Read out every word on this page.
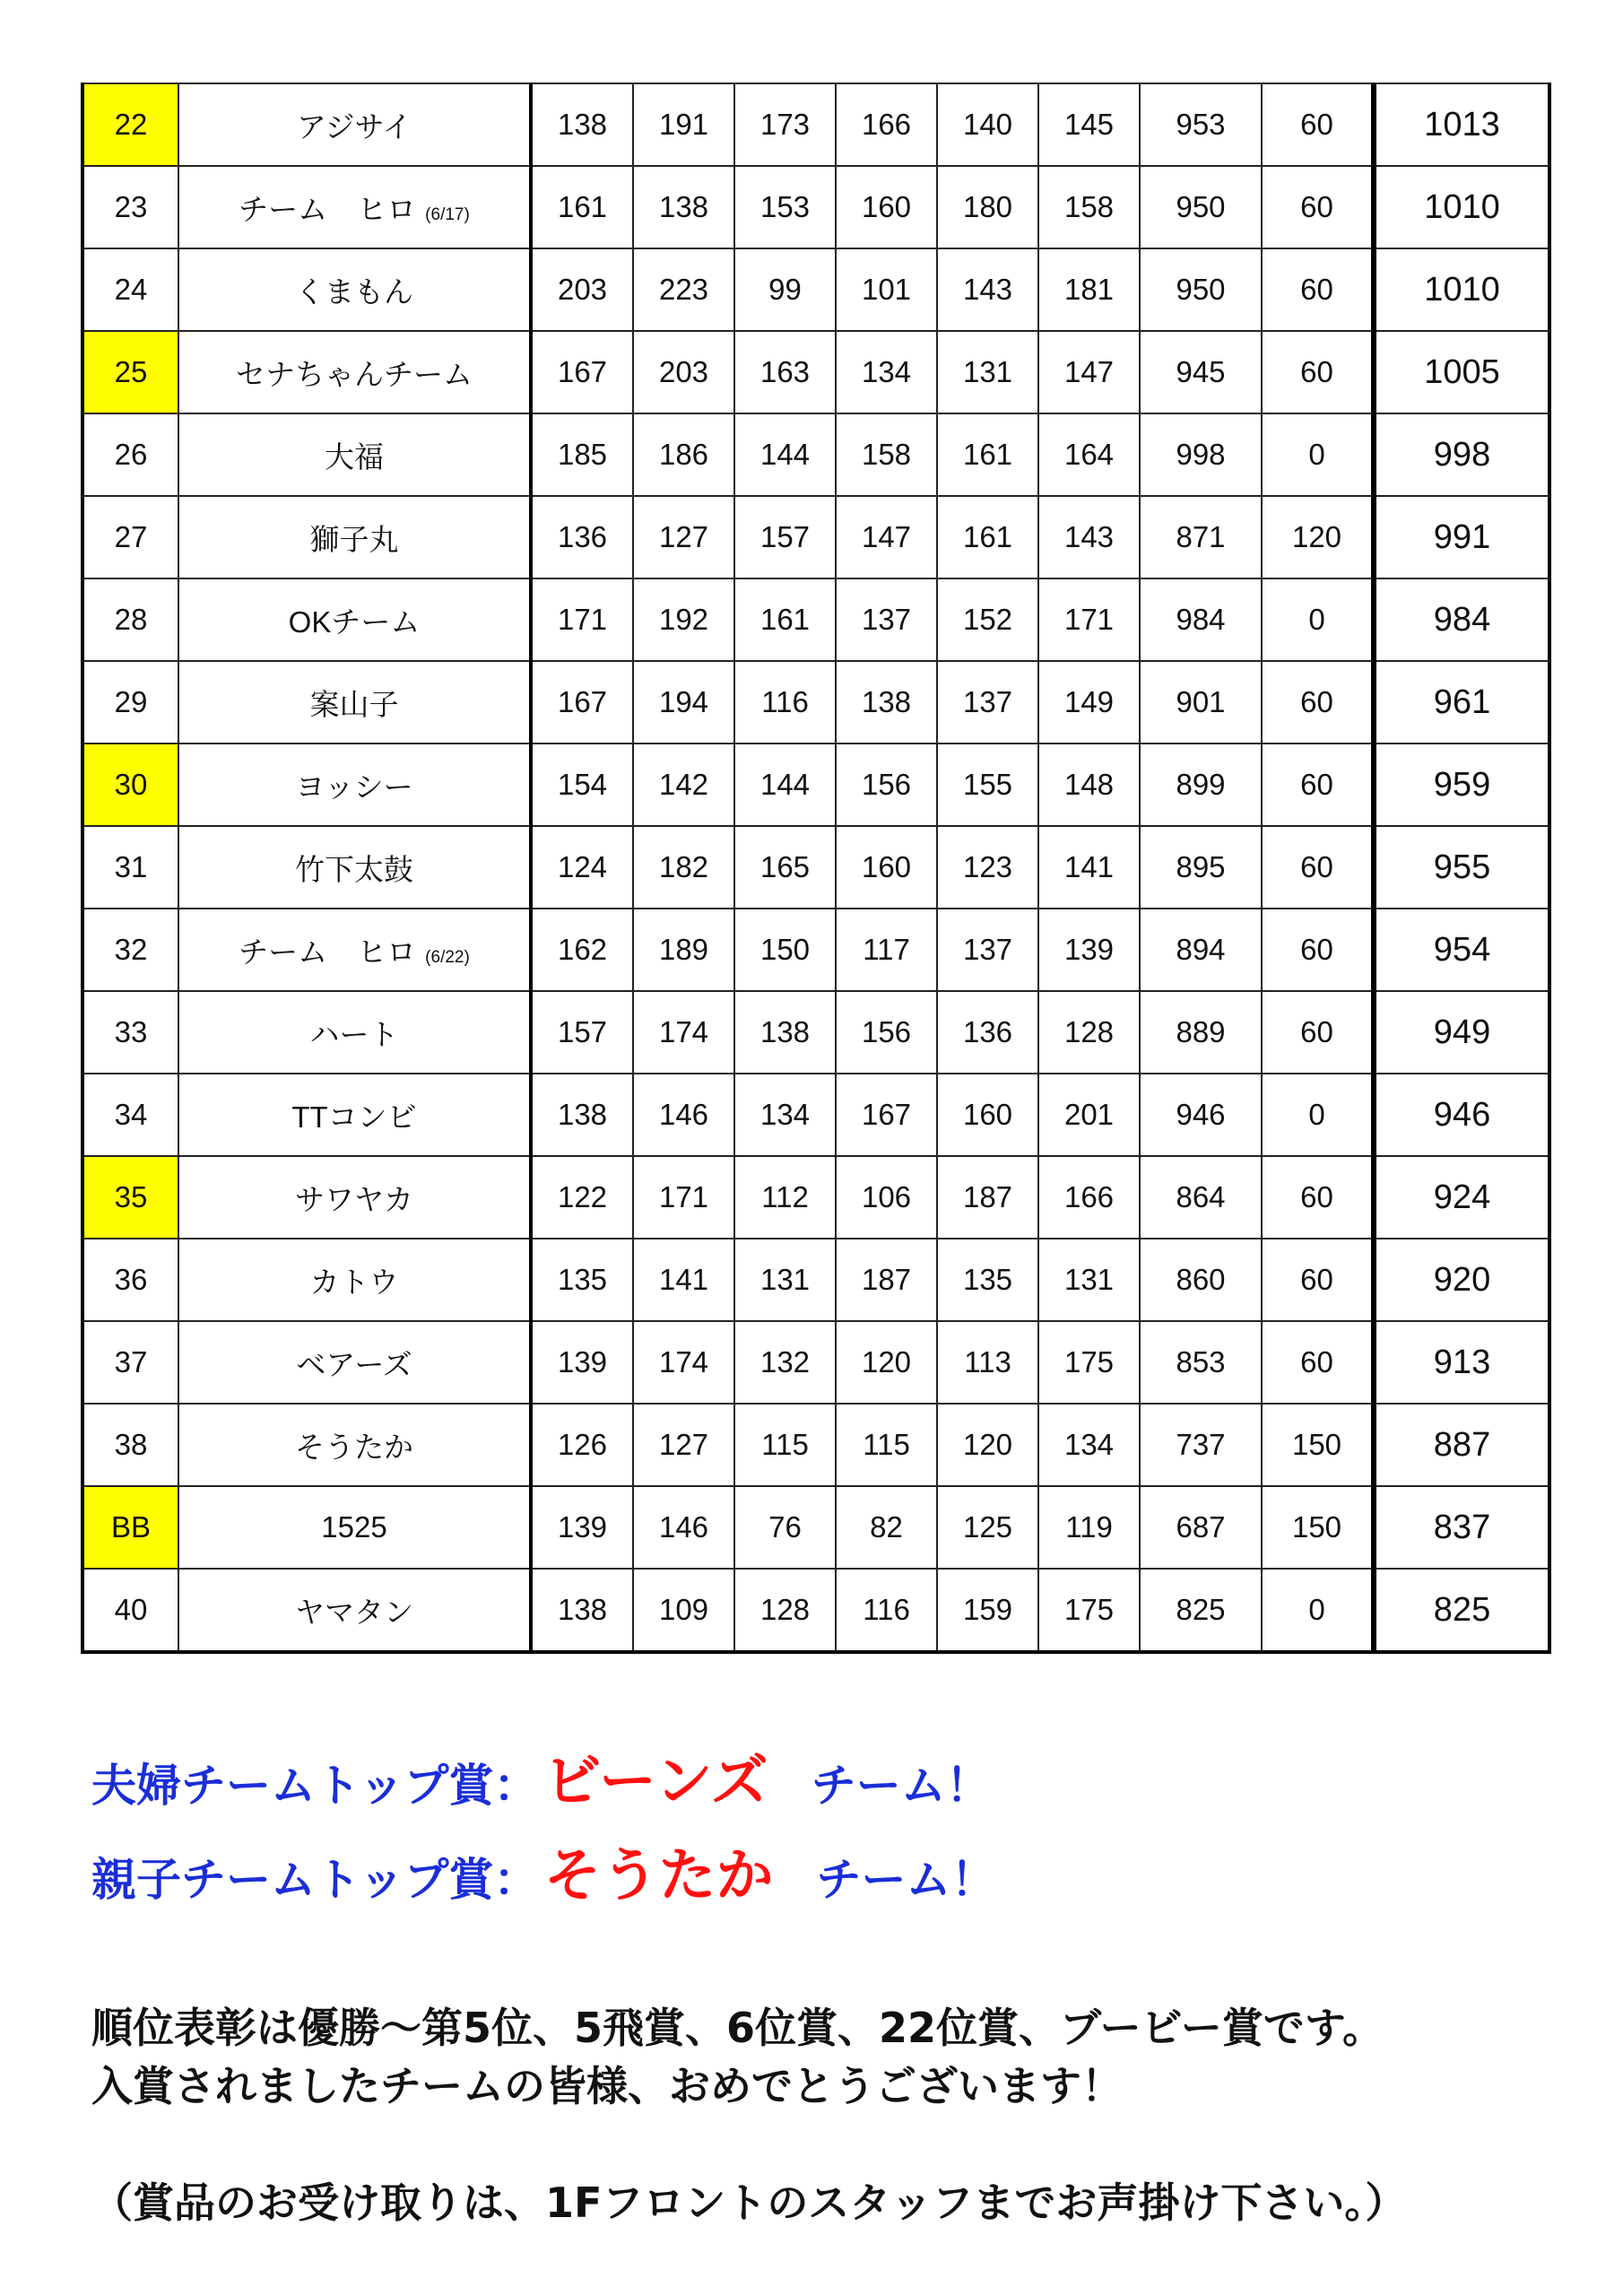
22	アジサイ	138	191	173	166	140	145	953	60	1013
23	チーム　ヒロ (6/17)	161	138	153	160	180	158	950	60	1010
24	くまもん	203	223	99	101	143	181	950	60	1010
25	セナちゃんチーム	167	203	163	134	131	147	945	60	1005
26	大福	185	186	144	158	161	164	998	0	998
27	獅子丸	136	127	157	147	161	143	871	120	991
28	OKチーム	171	192	161	137	152	171	984	0	984
29	案山子	167	194	116	138	137	149	901	60	961
30	ヨッシー	154	142	144	156	155	148	899	60	959
31	竹下太鼓	124	182	165	160	123	141	895	60	955
32	チーム　ヒロ (6/22)	162	189	150	117	137	139	894	60	954
33	ハート	157	174	138	156	136	128	889	60	949
34	TTコンビ	138	146	134	167	160	201	946	0	946
35	サワヤカ	122	171	112	106	187	166	864	60	924
36	カトウ	135	141	131	187	135	131	860	60	920
37	ベアーズ	139	174	132	120	113	175	853	60	913
38	そうたか	126	127	115	115	120	134	737	150	887
BB	1525	139	146	76	82	125	119	687	150	837
40	ヤマタン	138	109	128	116	159	175	825	0	825
夫婦チームトップ賞：ビーンズ チーム！
親子チームトップ賞：そうたか チーム！
順位表彰は優勝～第5位、5飛賞、6位賞、22位賞、ブービー賞です。
入賞されましたチームの皆様、おめでとうございます！
（賞品のお受け取りは、1Fフロントのスタッフまでお声掛け下さい。）
